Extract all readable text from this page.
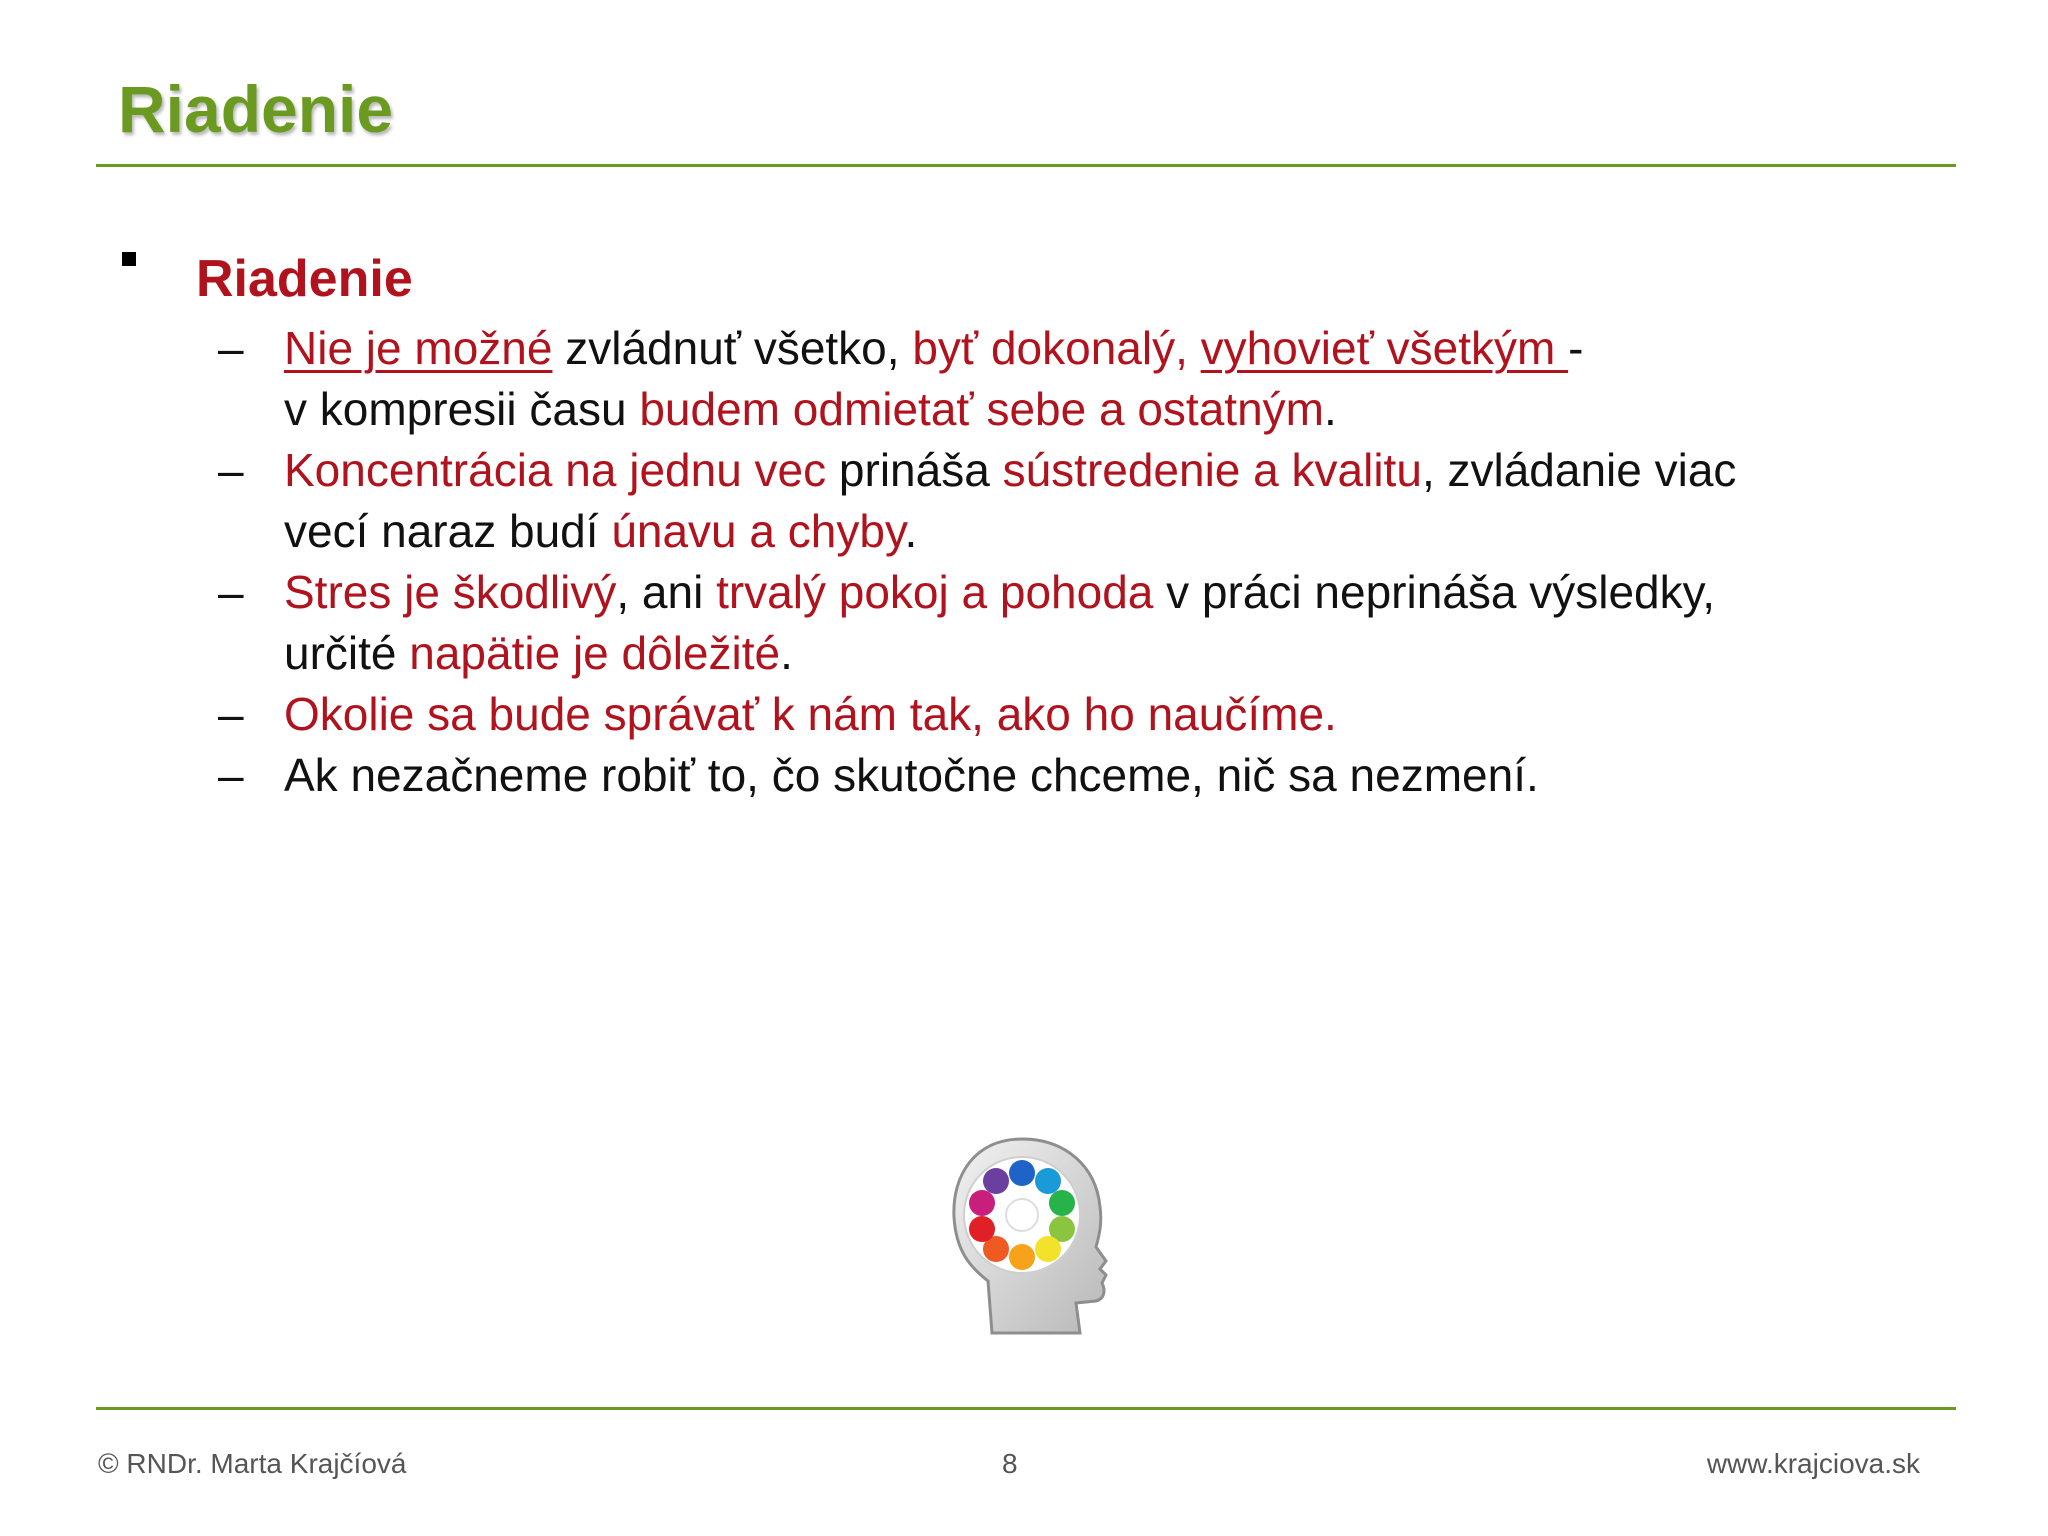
Riadenie
Riadenie
– Nie je možné zvládnuť všetko, byť dokonalý, vyhovieť všetkým -
v kompresii času budem odmietať sebe a ostatným.
– Koncentrácia na jednu vec prináša sústredenie a kvalitu, zvládanie viac
vecí naraz budí únavu a chyby.
– Stres je škodlivý, ani trvalý pokoj a pohoda v práci neprináša výsledky,
určité napätie je dôležité.
– Okolie sa bude správať k nám tak, ako ho naučíme.
– Ak nezačneme robiť to, čo skutočne chceme, nič sa nezmení.
© RNDr. Marta Krajčíová	8	www.krajciova.sk
